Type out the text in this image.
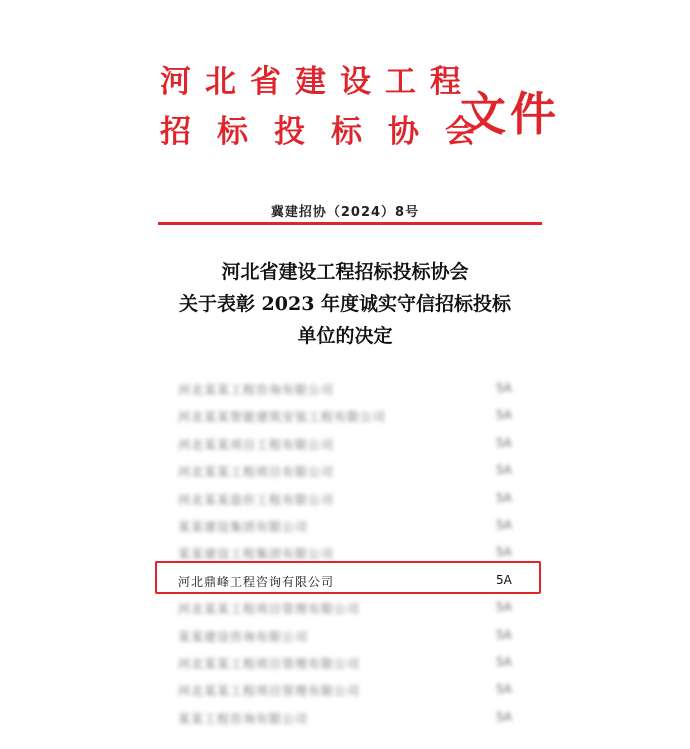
河北省建设工程
招标投标协会
文件
冀建招协（2024）8号
河北省建设工程招标投标协会
关于表彰 2023 年度诚实守信招标投标
单位的决定
河北某某工程咨询有限公司	5A
河北某某智能建筑安装工程有限公司	5A
河北某某项目工程有限公司	5A
河北某某工程项目有限公司	5A
河北某某造价工程有限公司	5A
某某建设集团有限公司	5A
某某建设工程集团有限公司	5A
河北鼎峰工程咨询有限公司	5A
河北某某工程项目管理有限公司	5A
某某建设咨询有限公司	5A
河北某某工程项目管理有限公司	5A
河北某某工程项目管理有限公司	5A
某某工程咨询有限公司	5A
